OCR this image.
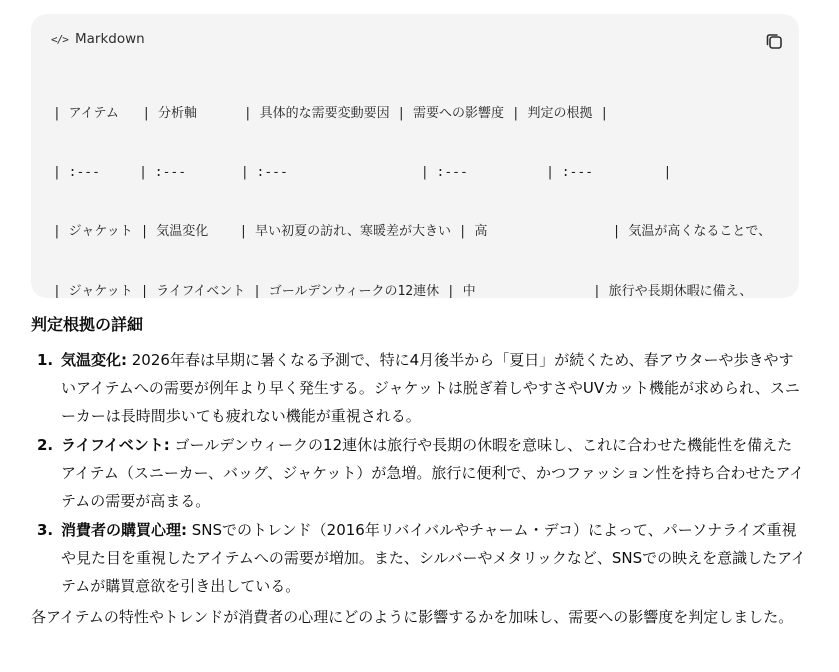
</> Markdown

| アイテム   | 分析軸      | 具体的な需要変動要因 | 需要への影響度 | 判定の根拠 |

| :---     | :---       | :---                 | :---          | :---         |

| ジャケット | 気温変化    | 早い初夏の訪れ、寒暖差が大きい | 高                | 気温が高くなることで、

| ジャケット | ライフイベント | ゴールデンウィークの12連休 | 中               | 旅行や長期休暇に備え、

判定根拠の詳細
1. 気温変化: 2026年春は早期に暑くなる予測で、特に4月後半から「夏日」が続くため、春アウターや歩きやすいアイテムへの需要が例年より早く発生する。ジャケットは脱ぎ着しやすさやUVカット機能が求められ、スニーカーは長時間歩いても疲れない機能が重視される。
2. ライフイベント: ゴールデンウィークの12連休は旅行や長期の休暇を意味し、これに合わせた機能性を備えたアイテム（スニーカー、バッグ、ジャケット）が急増。旅行に便利で、かつファッション性を持ち合わせたアイテムの需要が高まる。
3. 消費者の購買心理: SNSでのトレンド（2016年リバイバルやチャーム・デコ）によって、パーソナライズ重視や見た目を重視したアイテムへの需要が増加。また、シルバーやメタリックなど、SNSでの映えを意識したアイテムが購買意欲を引き出している。

各アイテムの特性やトレンドが消費者の心理にどのように影響するかを加味し、需要への影響度を判定しました。
